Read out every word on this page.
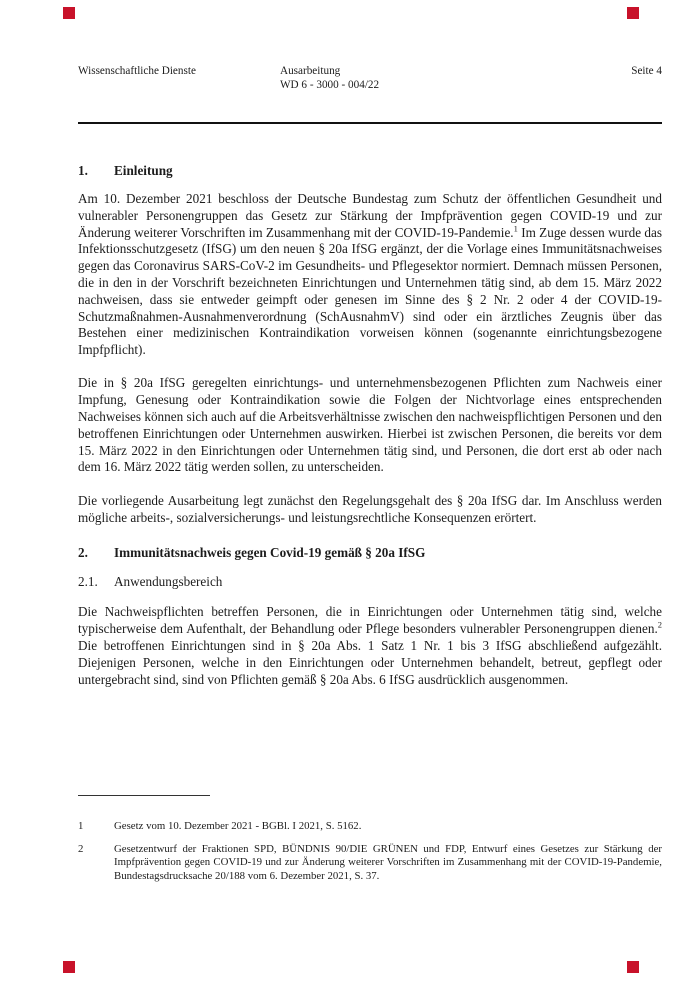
Wissenschaftliche Dienste	Ausarbeitung
WD 6 - 3000 - 004/22
Seite 4
1. Einleitung

Am 10. Dezember 2021 beschloss der Deutsche Bundestag zum Schutz der öffentlichen Gesundheit und vulnerabler Personengruppen das Gesetz zur Stärkung der Impfprävention gegen COVID-19 und zur Änderung weiterer Vorschriften im Zusammenhang mit der COVID-19-Pandemie.$^1$ Im Zuge dessen wurde das Infektionsschutzgesetz (IfSG) um den neuen § 20a IfSG ergänzt, der die Vorlage eines Immunitätsnachweises gegen das Coronavirus SARS-CoV-2 im Gesundheits- und Pflegesektor normiert. Demnach müssen Personen, die in den in der Vorschrift bezeichneten Einrichtungen und Unternehmen tätig sind, ab dem 15. März 2022 nachweisen, dass sie entweder geimpft oder genesen im Sinne des § 2 Nr. 2 oder 4 der COVID-19-Schutzmaßnahmen-Ausnahmenverordnung (SchAusnahmV) sind oder ein ärztliches Zeugnis über das Bestehen einer medizinischen Kontraindikation vorweisen können (sogenannte einrichtungsbezogene Impfpflicht).

Die in § 20a IfSG geregelten einrichtungs- und unternehmensbezogenen Pflichten zum Nachweis einer Impfung, Genesung oder Kontraindikation sowie die Folgen der Nichtvorlage eines entsprechenden Nachweises können sich auch auf die Arbeitsverhältnisse zwischen den nachweispflichtigen Personen und den betroffenen Einrichtungen oder Unternehmen auswirken. Hierbei ist zwischen Personen, die bereits vor dem 15. März 2022 in den Einrichtungen oder Unternehmen tätig sind, und Personen, die dort erst ab oder nach dem 16. März 2022 tätig werden sollen, zu unterscheiden.

Die vorliegende Ausarbeitung legt zunächst den Regelungsgehalt des § 20a IfSG dar. Im Anschluss werden mögliche arbeits-, sozialversicherungs- und leistungsrechtliche Konsequenzen erörtert.

2. Immunitätsnachweis gegen Covid-19 gemäß § 20a IfSG
2.1. Anwendungsbereich

Die Nachweispflichten betreffen Personen, die in Einrichtungen oder Unternehmen tätig sind, welche typischerweise dem Aufenthalt, der Behandlung oder Pflege besonders vulnerabler Personengruppen dienen.$^2$ Die betroffenen Einrichtungen sind in § 20a Abs. 1 Satz 1 Nr. 1 bis 3 IfSG abschließend aufgezählt. Diejenigen Personen, welche in den Einrichtungen oder Unternehmen behandelt, betreut, gepflegt oder untergebracht sind, sind von Pflichten gemäß § 20a Abs. 6 IfSG ausdrücklich ausgenommen.

1	Gesetz vom 10. Dezember 2021 - BGBl. I 2021, S. 5162.
2	Gesetzentwurf der Fraktionen SPD, BÜNDNIS 90/DIE GRÜNEN und FDP, Entwurf eines Gesetzes zur Stärkung der Impfprävention gegen COVID-19 und zur Änderung weiterer Vorschriften im Zusammenhang mit der COVID-19-Pandemie, Bundestagsdrucksache 20/188 vom 6. Dezember 2021, S. 37.
